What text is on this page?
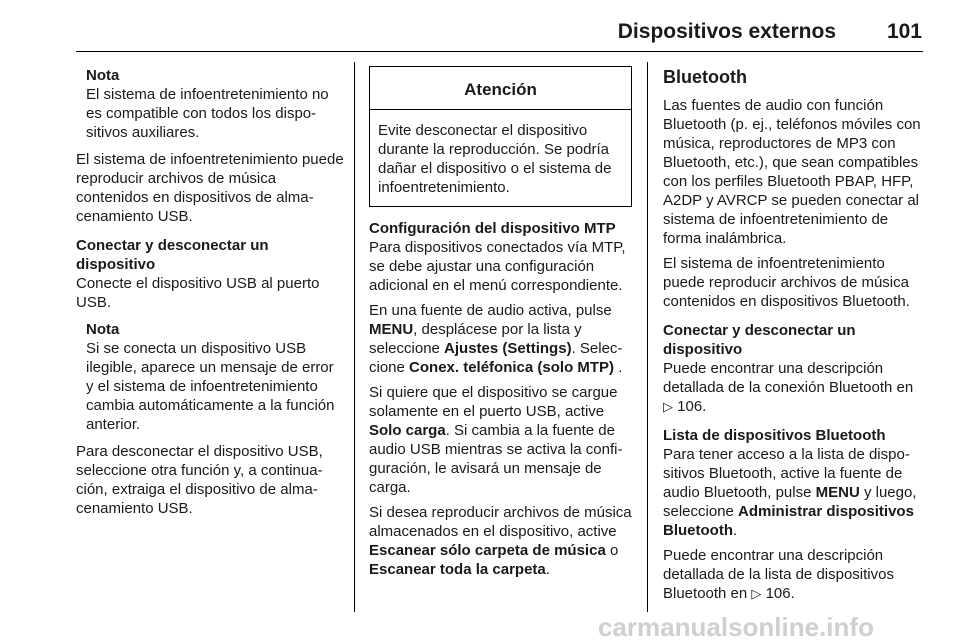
Dispositivos externos 101
Nota
El sistema de infoentretenimiento no es compatible con todos los dispositivos auxiliares.

El sistema de infoentretenimiento puede reproducir archivos de música contenidos en dispositivos de almacenamiento USB.

Conectar y desconectar un dispositivo

Conecte el dispositivo USB al puerto USB.

Nota
Si se conecta un dispositivo USB ilegible, aparece un mensaje de error y el sistema de infoentretenimiento cambia automáticamente a la función anterior.

Para desconectar el dispositivo USB, seleccione otra función y, a continuación, extraiga el dispositivo de almacenamiento USB.

Atención
Evite desconectar el dispositivo durante la reproducción. Se podría dañar el dispositivo o el sistema de infoentretenimiento.

Configuración del dispositivo MTP

Para dispositivos conectados vía MTP, se debe ajustar una configuración adicional en el menú correspondiente.

En una fuente de audio activa, pulse MENU, desplácese por la lista y seleccione Ajustes (Settings). Seleccione Conex. teléfonica (solo MTP) .

Si quiere que el dispositivo se cargue solamente en el puerto USB, active Solo carga. Si cambia a la fuente de audio USB mientras se activa la configuración, le avisará un mensaje de carga.

Si desea reproducir archivos de música almacenados en el dispositivo, active Escanear sólo carpeta de música o Escanear toda la carpeta.

Bluetooth

Las fuentes de audio con función Bluetooth (p. ej., teléfonos móviles con música, reproductores de MP3 con Bluetooth, etc.), que sean compatibles con los perfiles Bluetooth PBAP, HFP, A2DP y AVRCP se pueden conectar al sistema de infoentretenimiento de forma inalámbrica.

El sistema de infoentretenimiento puede reproducir archivos de música contenidos en dispositivos Bluetooth.

Conectar y desconectar un dispositivo

Puede encontrar una descripción detallada de la conexión Bluetooth en
▷ 106.

Lista de dispositivos Bluetooth

Para tener acceso a la lista de dispositivos Bluetooth, active la fuente de audio Bluetooth, pulse MENU y luego, seleccione Administrar dispositivos Bluetooth.

Puede encontrar una descripción detallada de la lista de dispositivos Bluetooth en ▷ 106.

carmanualsonline.info
